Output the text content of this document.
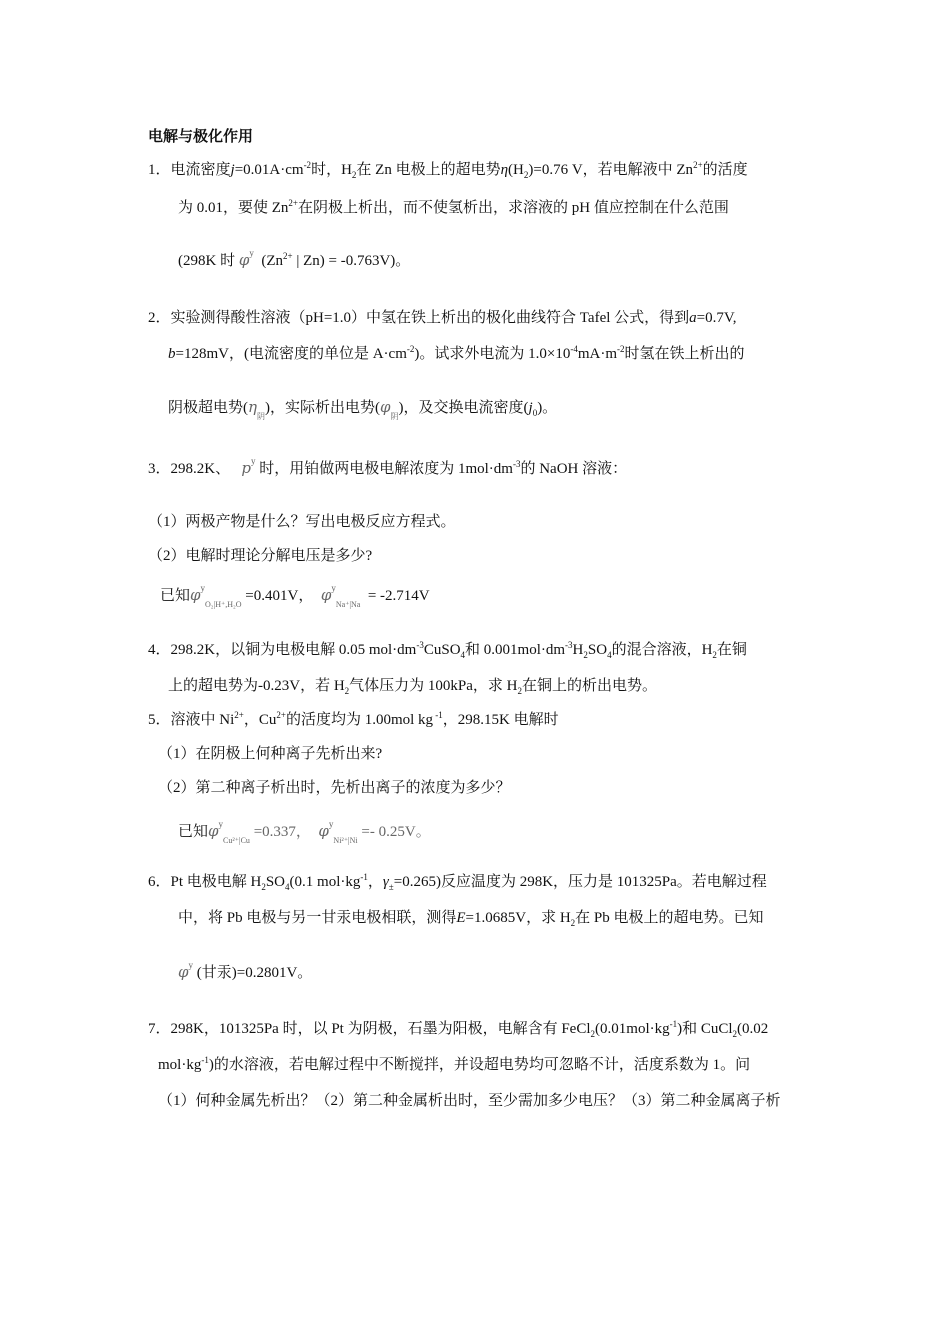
电解与极化作用
1．电流密度$j=0.01A\cdot cm^{-2}$时，$H_2$在 Zn 电极上的超电势$\eta(H_2)=0.76$ V，若电解液中 $Zn^{2+}$的活度
为 0.01，要使 $Zn^{2+}$在阴极上析出，而不使氢析出，求溶液的 pH 值应控制在什么范围
(298K 时 $\varphi^y$ ($Zn^{2+}$ | Zn) = -0.763V)。
2．实验测得酸性溶液（pH=1.0）中氢在铁上析出的极化曲线符合 Tafel 公式，得到a=0.7V,
b=128mV，(电流密度的单位是 $A\cdot cm^{-2}$)。试求外电流为 $1.0\times 10^{-4}mA\cdot m^{-2}$时氢在铁上析出的
阴极超电势$(\eta_阴)$，实际析出电势$(\varphi_阴)$，及交换电流密度$(j_0)$。
3．298.2K、 $p^y$ 时，用铂做两电极电解浓度为 $1mol\cdot dm^{-3}$的 NaOH 溶液：
（1）两极产物是什么？写出电极反应方程式。
（2）电解时理论分解电压是多少?
已知$\varphi^y_{O_2|H^+,H_2O} =0.401V$， $\varphi^y_{Na^+|Na} = -2.714V$
4．298.2K，以铜为电极电解 0.05 $mol\cdot dm^{-3}CuSO_4$和 $0.001mol\cdot dm^{-3}H_2SO_4$的混合溶液，$H_2$在铜
上的超电势为-0.23V，若 $H_2$气体压力为 100kPa，求 $H_2$在铜上的析出电势。
5．溶液中 $Ni^{2+}$，$Cu^{2+}$的活度均为 1.00mol kg $^{-1}$，298.15K 电解时
（1）在阴极上何种离子先析出来?
（2）第二种离子析出时，先析出离子的浓度为多少？
已知$\varphi^y_{Cu^{2+}|Cu} =0.337$， $\varphi^y_{Ni^{2+}|Ni} =- 0.25V$。
6．Pt 电极电解 $H_2SO_4(0.1$ $mol\cdot kg^{-1}$，$\gamma_\pm=0.265$)反应温度为 298K，压力是 101325Pa。若电解过程
中，将 Pb 电极与另一甘汞电极相联，测得E=1.0685V，求 $H_2$在 Pb 电极上的超电势。已知
$\varphi^y$ (甘汞)=0.2801V。
7．298K，101325Pa 时，以 Pt 为阴极，石墨为阳极，电解含有 $FeCl_2(0.01mol\cdot kg^{-1})$和 CuCl$_2$(0.02
$mol\cdot kg^{-1}$)的水溶液，若电解过程中不断搅拌，并设超电势均可忽略不计，活度系数为 1。问
（1）何种金属先析出？（2）第二种金属析出时，至少需加多少电压？（3）第二种金属离子析
